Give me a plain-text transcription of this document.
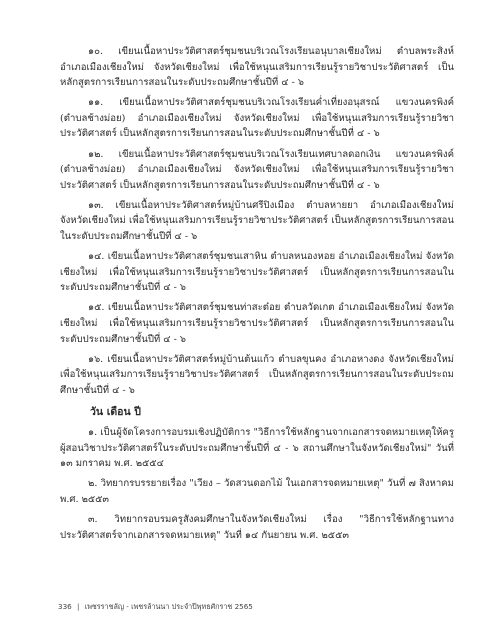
๑๐. เขียนเนื้อหาประวัติศาสตร์ชุมชนบริเวณโรงเรียนอนุบาลเชียงใหม่ ตำบลพระสิงห์ อำเภอเมืองเชียงใหม่ จังหวัดเชียงใหม่ เพื่อใช้หนุนเสริมการเรียนรู้รายวิชาประวัติศาสตร์ เป็นหลักสูตรการเรียนการสอนในระดับประถมศึกษาชั้นปีที่ ๔ - ๖

๑๑. เขียนเนื้อหาประวัติศาสตร์ชุมชนบริเวณโรงเรียนค่ำเที่ยงอนุสรณ์ แขวงนครพิงค์ (ตำบลช้างม่อย) อำเภอเมืองเชียงใหม่ จังหวัดเชียงใหม่ เพื่อใช้หนุนเสริมการเรียนรู้รายวิชาประวัติศาสตร์ เป็นหลักสูตรการเรียนการสอนในระดับประถมศึกษาชั้นปีที่ ๔ - ๖

๑๒. เขียนเนื้อหาประวัติศาสตร์ชุมชนบริเวณโรงเรียนเทศบาลดอกเงิน แขวงนครพิงค์ (ตำบลช้างม่อย) อำเภอเมืองเชียงใหม่ จังหวัดเชียงใหม่ เพื่อใช้หนุนเสริมการเรียนรู้รายวิชาประวัติศาสตร์ เป็นหลักสูตรการเรียนการสอนในระดับประถมศึกษาชั้นปีที่ ๔ - ๖

๑๓. เขียนเนื้อหาประวัติศาสตร์หมู่บ้านศรีปิงเมือง ตำบลหายยา อำเภอเมืองเชียงใหม่ จังหวัดเชียงใหม่ เพื่อใช้หนุนเสริมการเรียนรู้รายวิชาประวัติศาสตร์ เป็นหลักสูตรการเรียนการสอนในระดับประถมศึกษาชั้นปีที่ ๔ - ๖

๑๔. เขียนเนื้อหาประวัติศาสตร์ชุมชนเสาหิน ตำบลหนองหอย อำเภอเมืองเชียงใหม่ จังหวัดเชียงใหม่ เพื่อใช้หนุนเสริมการเรียนรู้รายวิชาประวัติศาสตร์ เป็นหลักสูตรการเรียนการสอนในระดับประถมศึกษาชั้นปีที่ ๔ - ๖

๑๕. เขียนเนื้อหาประวัติศาสตร์ชุมชนท่าสะต๋อย ตำบลวัดเกต อำเภอเมืองเชียงใหม่ จังหวัดเชียงใหม่ เพื่อใช้หนุนเสริมการเรียนรู้รายวิชาประวัติศาสตร์ เป็นหลักสูตรการเรียนการสอนในระดับประถมศึกษาชั้นปีที่ ๔ - ๖

๑๖. เขียนเนื้อหาประวัติศาสตร์หมู่บ้านต้นแก้ว ตำบลขุนคง อำเภอหางดง จังหวัดเชียงใหม่ เพื่อใช้หนุนเสริมการเรียนรู้รายวิชาประวัติศาสตร์ เป็นหลักสูตรการเรียนการสอนในระดับประถมศึกษาชั้นปีที่ ๔ - ๖

วัน เดือน ปี

๑. เป็นผู้จัดโครงการอบรมเชิงปฏิบัติการ "วิธีการใช้หลักฐานจากเอกสารจดหมายเหตุให้ครูผู้สอนวิชาประวัติศาสตร์ในระดับประถมศึกษาชั้นปีที่ ๔ - ๖ สถานศึกษาในจังหวัดเชียงใหม่" วันที่ ๑๓ มกราคม พ.ศ. ๒๕๕๔

๒. วิทยากรบรรยายเรื่อง "เวียง – วัดสวนดอกไม้ ในเอกสารจดหมายเหตุ" วันที่ ๗ สิงหาคม พ.ศ. ๒๕๕๓

๓. วิทยากรอบรมครูสังคมศึกษาในจังหวัดเชียงใหม่ เรื่อง "วิธีการใช้หลักฐานทางประวัติศาสตร์จากเอกสารจดหมายเหตุ" วันที่ ๑๔ กันยายน พ.ศ. ๒๕๕๓

336 | เพชรราชลัญ - เพชรล้านนา ประจำปีพุทธศักราช 2565
